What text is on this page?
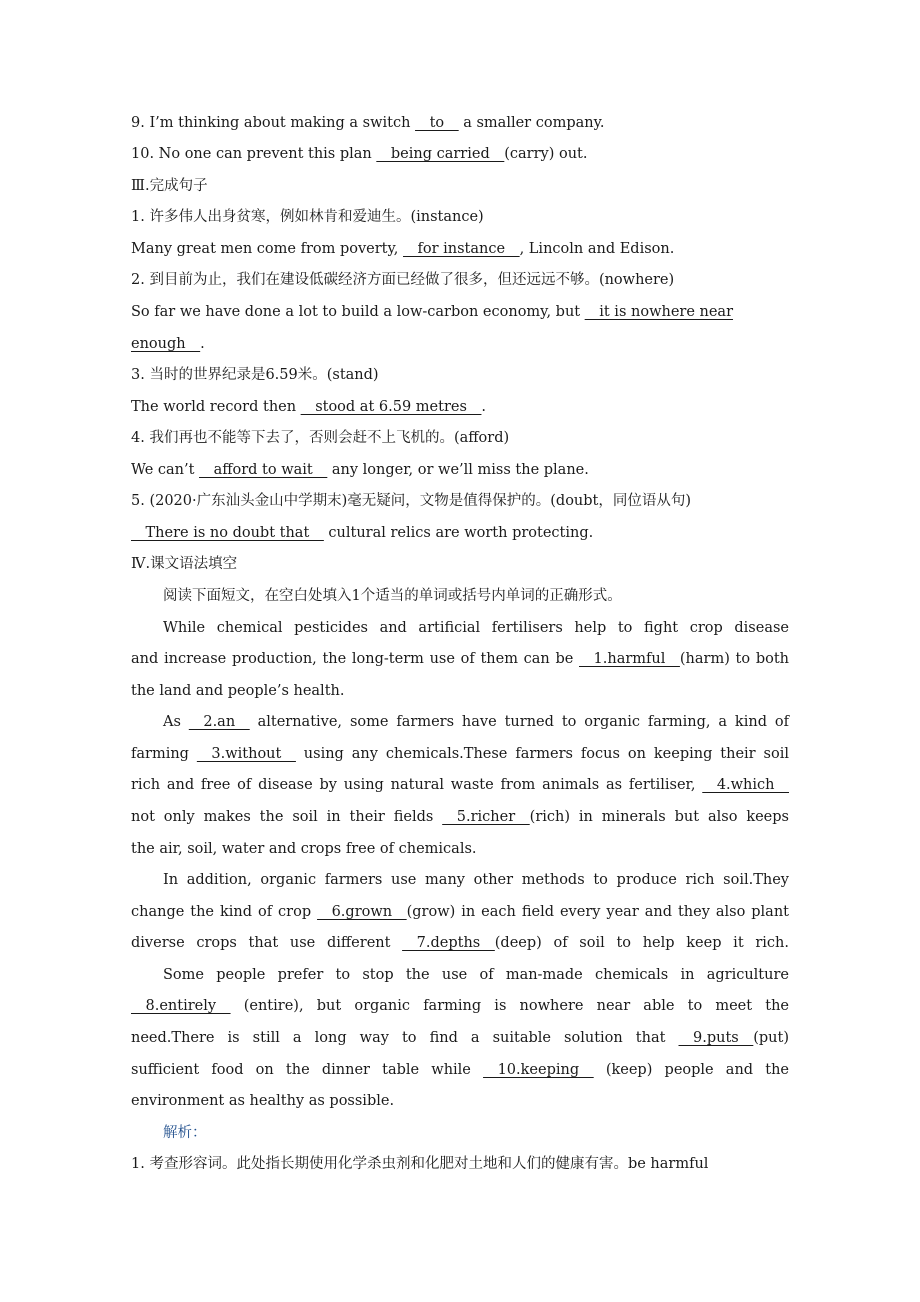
9. I’m thinking about making a switch __to__ a smaller company.
10. No one can prevent this plan __being carried__(carry) out.
Ⅲ.完成句子
1. 许多伟人出身贫寒，例如林肯和爱迪生。(instance)
Many great men come from poverty, __for instance__, Lincoln and Edison.
2. 到目前为止，我们在建设低碳经济方面已经做了很多，但还远远不够。(nowhere)
So far we have done a lot to build a low-carbon economy, but __it is nowhere near
enough__.
3. 当时的世界纪录是6.59米。(stand)
The world record then __stood at 6.59 metres__.
4. 我们再也不能等下去了，否则会赶不上飞机的。(afford)
We can’t __afford to wait__ any longer, or we’ll miss the plane.
5. (2020·广东汕头金山中学期末)毫无疑问，文物是值得保护的。(doubt，同位语从句)
__There is no doubt that__ cultural relics are worth protecting.
Ⅳ.课文语法填空
阅读下面短文，在空白处填入1个适当的单词或括号内单词的正确形式。
While chemical pesticides and artificial fertilisers help to fight crop disease
and increase production, the long-term use of them can be __1.harmful__(harm) to both
the land and people’s health.
As __2.an__ alternative, some farmers have turned to organic farming, a kind of
farming __3.without__ using any chemicals.These farmers focus on keeping their soil
rich and free of disease by using natural waste from animals as fertiliser, __4.which__
not only makes the soil in their fields __5.richer__(rich) in minerals but also keeps
the air, soil, water and crops free of chemicals.
In addition, organic farmers use many other methods to produce rich soil.They
change the kind of crop __6.grown__(grow) in each field every year and they also plant
diverse crops that use different __7.depths__(deep) of soil to help keep it rich.
Some people prefer to stop the use of man-made chemicals in agriculture
__8.entirely__ (entire), but organic farming is nowhere near able to meet the
need.There is still a long way to find a suitable solution that __9.puts__(put)
sufficient food on the dinner table while __10.keeping__ (keep) people and the
environment as healthy as possible.
解析：
1. 考查形容词。此处指长期使用化学杀虫剂和化肥对土地和人们的健康有害。be harmful
